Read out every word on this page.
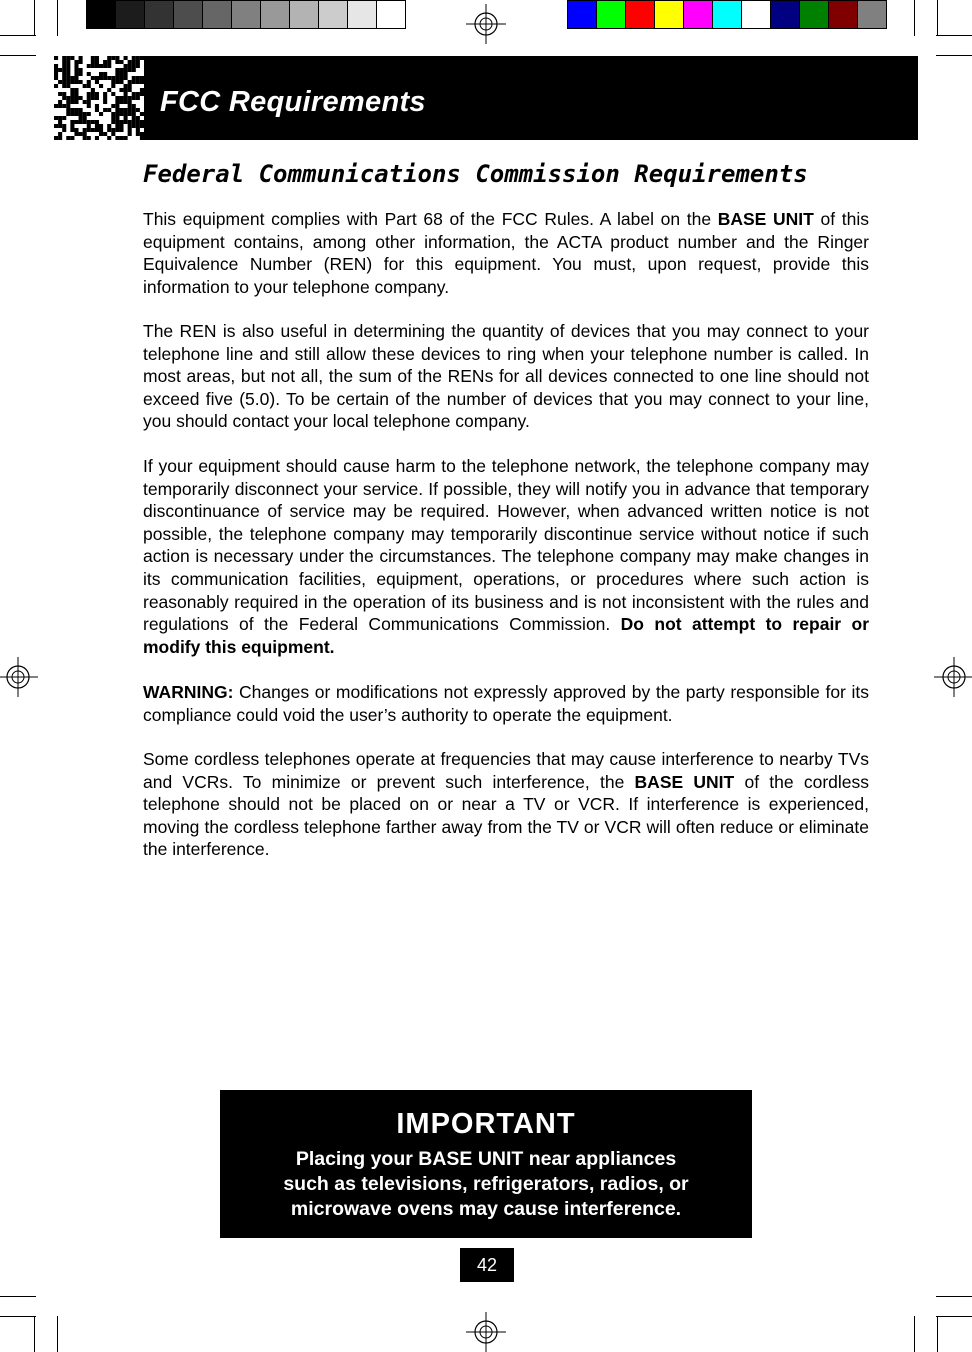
FCC Requirements
Federal Communications Commission Requirements

This equipment complies with Part 68 of the FCC Rules. A label on the BASE UNIT of this equipment contains, among other information, the ACTA product number and the Ringer Equivalence Number (REN) for this equipment. You must, upon request, provide this information to your telephone company.

The REN is also useful in determining the quantity of devices that you may connect to your telephone line and still allow these devices to ring when your telephone number is called. In most areas, but not all, the sum of the RENs for all devices connected to one line should not exceed five (5.0). To be certain of the number of devices that you may connect to your line, you should contact your local telephone company.

If your equipment should cause harm to the telephone network, the telephone company may temporarily disconnect your service. If possible, they will notify you in advance that temporary discontinuance of service may be required. However, when advanced written notice is not possible, the telephone company may temporarily discontinue service without notice if such action is necessary under the circumstances. The telephone company may make changes in its communication facilities, equipment, operations, or procedures where such action is reasonably required in the operation of its business and is not inconsistent with the rules and regulations of the Federal Communications Commission. Do not attempt to repair or modify this equipment.

WARNING: Changes or modifications not expressly approved by the party responsible for its compliance could void the user’s authority to operate the equipment.

Some cordless telephones operate at frequencies that may cause interference to nearby TVs and VCRs. To minimize or prevent such interference, the BASE UNIT of the cordless telephone should not be placed on or near a TV or VCR. If interference is experienced, moving the cordless telephone farther away from the TV or VCR will often reduce or eliminate the interference.

IMPORTANT
Placing your BASE UNIT near appliances
such as televisions, refrigerators, radios, or
microwave ovens may cause interference.
42
